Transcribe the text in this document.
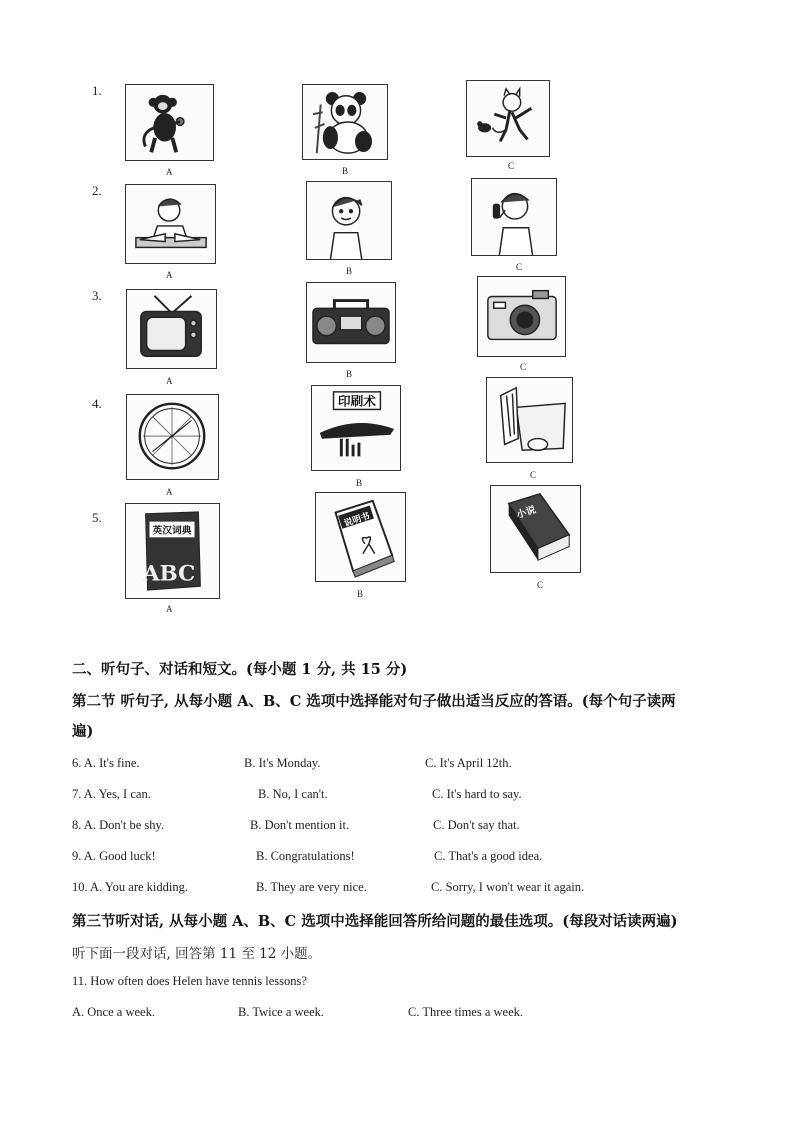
1.
A	B	C
2.
A	B	C
3.
A
B
C
4.
A
印刷术
B
C
5.
英汉词典
ABC
A
说明书
B
小说
C
二、听句子、对话和短文。(每小题 1 分, 共 15 分)
第二节 听句子, 从每小题 A、B、C 选项中选择能对句子做出适当反应的答语。(每个句子读两
遍)
6. A. It's fine.	B. It's Monday.	C. It's April 12th.
7. A. Yes, I can.	B. No, I can't.	C. It's hard to say.
8. A. Don't be shy.	B. Don't mention it.	C. Don't say that.
9. A. Good luck!	B. Congratulations!	C. That's a good idea.
10. A. You are kidding.	B. They are very nice.	C. Sorry, I won't wear it again.
第三节听对话, 从每小题 A、B、C 选项中选择能回答所给问题的最佳选项。(每段对话读两遍)
听下面一段对话, 回答第 11 至 12 小题。
11. How often does Helen have tennis lessons?
A. Once a week.	B. Twice a week.	C. Three times a week.
